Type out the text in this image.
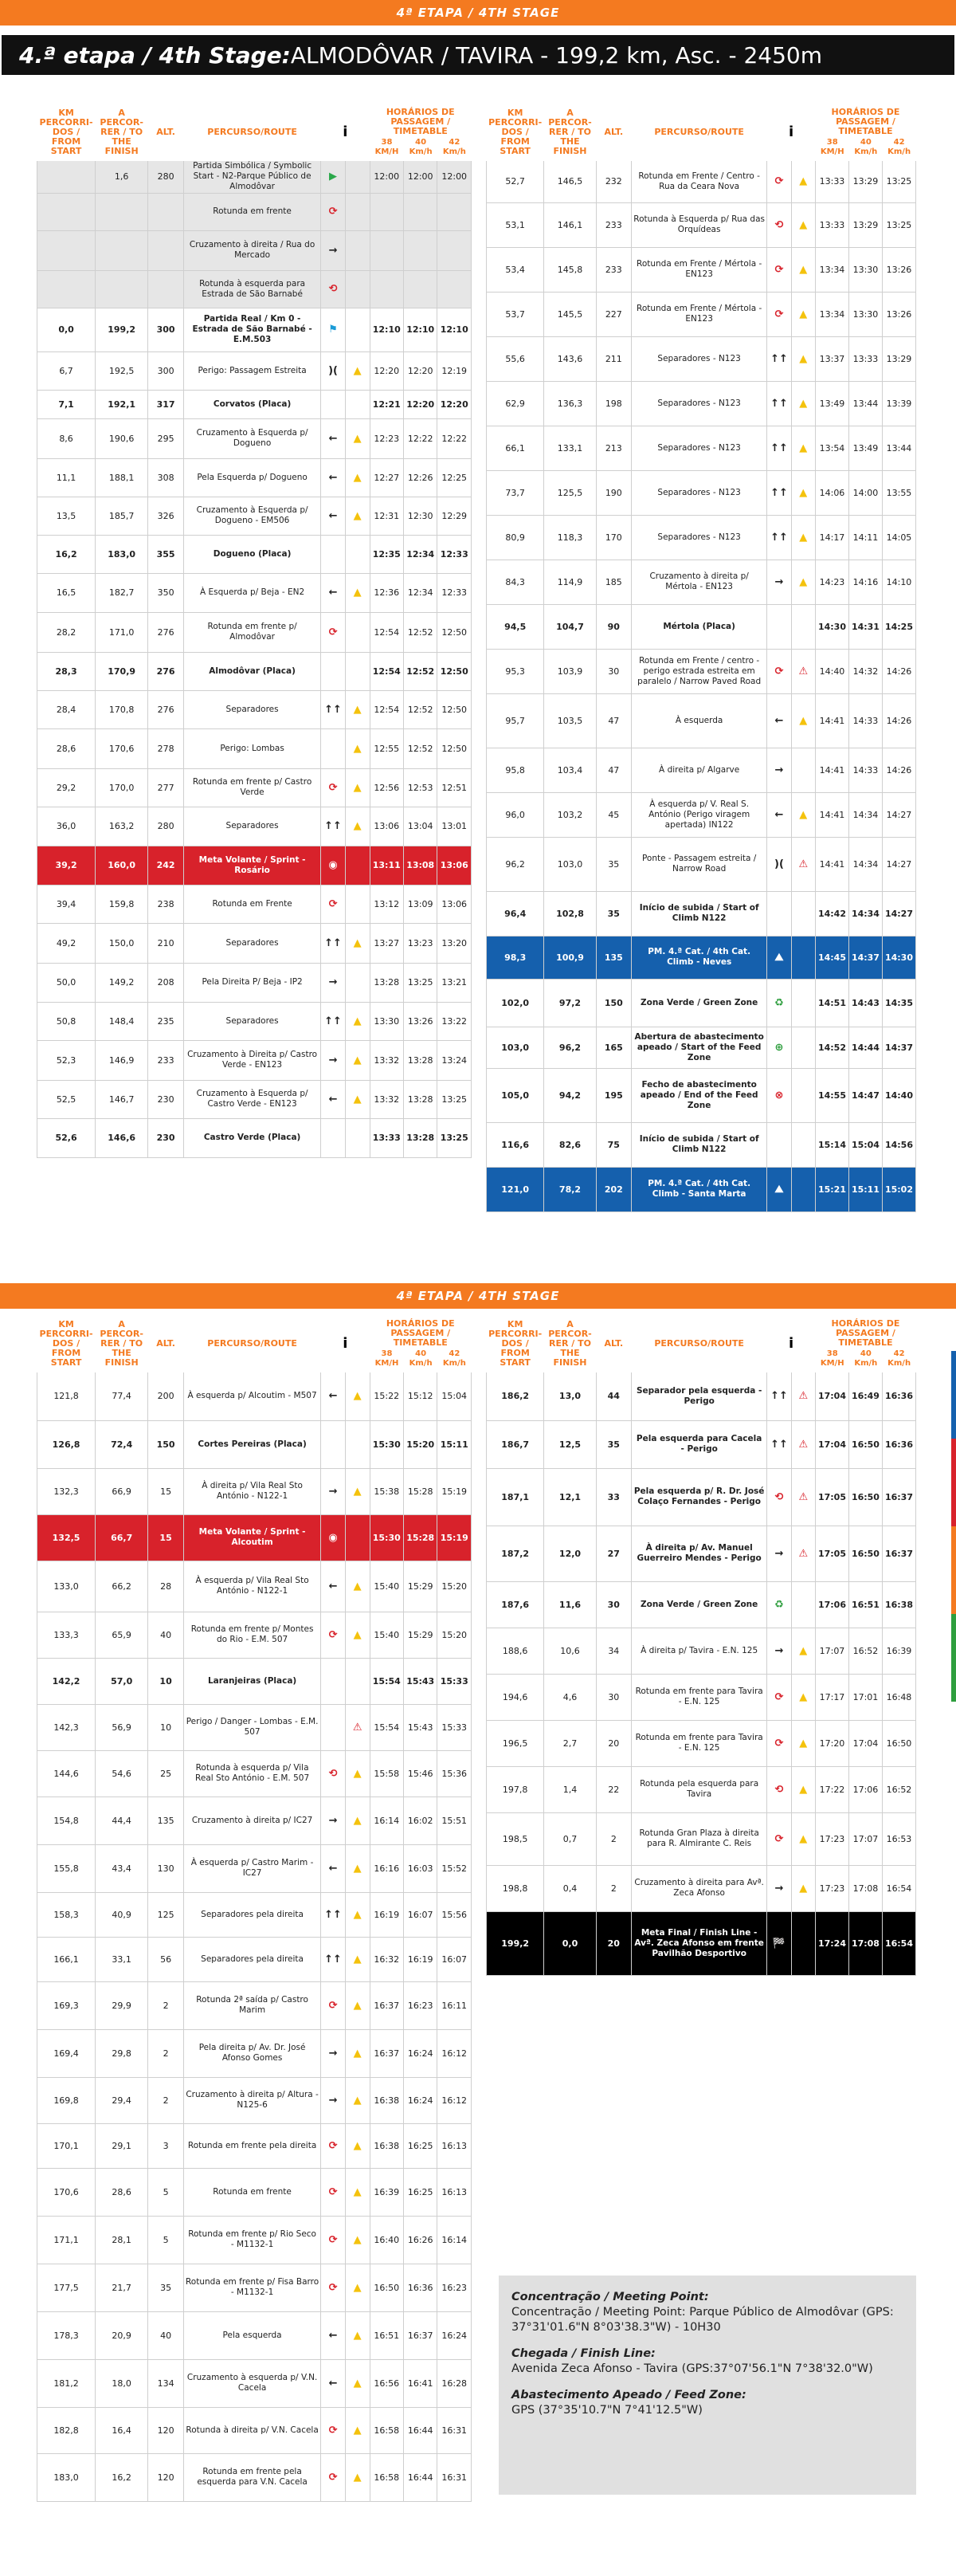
4ª ETAPA / 4TH STAGE
4.ª etapa / 4th Stage: ALMODÔVAR / TAVIRA - 199,2 km, Asc. - 2450m
KM PERCORRI-DOS / FROM START	A PERCOR-RER / TO THE FINISH	ALT.	PERCURSO/ROUTE	i		HORÁRIOS DE PASSAGEM / TIMETABLE
38 KM/H
40 Km/h
42 Km/h		

	1,6	280	Partida Simbólica / Symbolic Start - N2-Parque Público de Almodôvar	▶		12:00	12:00	12:00
			Rotunda em frente	⟳				
			Cruzamento à direita / Rua do Mercado	→				
			Rotunda à esquerda para Estrada de São Barnabé	⟲				
0,0	199,2	300	Partida Real / Km 0 - Estrada de São Barnabé - E.M.503	⚑		12:10	12:10	12:10
6,7	192,5	300	Perigo: Passagem Estreita	)(	▲	12:20	12:20	12:19
7,1	192,1	317	Corvatos (Placa)			12:21	12:20	12:20
8,6	190,6	295	Cruzamento à Esquerda p/ Dogueno	←	▲	12:23	12:22	12:22
11,1	188,1	308	Pela Esquerda p/ Dogueno	←	▲	12:27	12:26	12:25
13,5	185,7	326	Cruzamento à Esquerda p/ Dogueno - EM506	←	▲	12:31	12:30	12:29
16,2	183,0	355	Dogueno (Placa)			12:35	12:34	12:33
16,5	182,7	350	À Esquerda p/ Beja - EN2	←	▲	12:36	12:34	12:33
28,2	171,0	276	Rotunda em frente p/ Almodôvar	⟳		12:54	12:52	12:50
28,3	170,9	276	Almodôvar (Placa)			12:54	12:52	12:50
28,4	170,8	276	Separadores	↑↑	▲	12:54	12:52	12:50
28,6	170,6	278	Perigo: Lombas		▲	12:55	12:52	12:50
29,2	170,0	277	Rotunda em frente p/ Castro Verde	⟳	▲	12:56	12:53	12:51
36,0	163,2	280	Separadores	↑↑	▲	13:06	13:04	13:01
39,2	160,0	242	Meta Volante / Sprint - Rosário	◉		13:11	13:08	13:06
39,4	159,8	238	Rotunda em Frente	⟳		13:12	13:09	13:06
49,2	150,0	210	Separadores	↑↑	▲	13:27	13:23	13:20
50,0	149,2	208	Pela Direita P/ Beja - IP2	→		13:28	13:25	13:21
50,8	148,4	235	Separadores	↑↑	▲	13:30	13:26	13:22
52,3	146,9	233	Cruzamento à Direita p/ Castro Verde - EN123	→	▲	13:32	13:28	13:24
52,5	146,7	230	Cruzamento à Esquerda p/ Castro Verde - EN123	←	▲	13:32	13:28	13:25
52,6	146,6	230	Castro Verde (Placa)			13:33	13:28	13:25
KM PERCORRI-DOS / FROM START	A PERCOR-RER / TO THE FINISH	ALT.	PERCURSO/ROUTE	i		HORÁRIOS DE PASSAGEM / TIMETABLE
38 KM/H
40 Km/h
42 Km/h		

52,7	146,5	232	Rotunda em Frente / Centro - Rua da Ceara Nova	⟳	▲	13:33	13:29	13:25
53,1	146,1	233	Rotunda à Esquerda p/ Rua das Orquídeas	⟲	▲	13:33	13:29	13:25
53,4	145,8	233	Rotunda em Frente / Mértola - EN123	⟳	▲	13:34	13:30	13:26
53,7	145,5	227	Rotunda em Frente / Mértola - EN123	⟳	▲	13:34	13:30	13:26
55,6	143,6	211	Separadores - N123	↑↑	▲	13:37	13:33	13:29
62,9	136,3	198	Separadores - N123	↑↑	▲	13:49	13:44	13:39
66,1	133,1	213	Separadores - N123	↑↑	▲	13:54	13:49	13:44
73,7	125,5	190	Separadores - N123	↑↑	▲	14:06	14:00	13:55
80,9	118,3	170	Separadores - N123	↑↑	▲	14:17	14:11	14:05
84,3	114,9	185	Cruzamento à direita p/ Mértola - EN123	→	▲	14:23	14:16	14:10
94,5	104,7	90	Mértola (Placa)			14:30	14:31	14:25
95,3	103,9	30	Rotunda em Frente / centro - perigo estrada estreita em paralelo / Narrow Paved Road	⟳	⚠	14:40	14:32	14:26
95,7	103,5	47	À esquerda	←	▲	14:41	14:33	14:26
95,8	103,4	47	À direita p/ Algarve	→		14:41	14:33	14:26
96,0	103,2	45	À esquerda p/ V. Real S. António (Perigo viragem apertada) IN122	←	▲	14:41	14:34	14:27
96,2	103,0	35	Ponte - Passagem estreita / Narrow Road	)(	⚠	14:41	14:34	14:27
96,4	102,8	35	Início de subida / Start of Climb N122			14:42	14:34	14:27
98,3	100,9	135	PM. 4.ª Cat. / 4th Cat. Climb - Neves	⛰		14:45	14:37	14:30
102,0	97,2	150	Zona Verde / Green Zone	♻		14:51	14:43	14:35
103,0	96,2	165	Abertura de abastecimento apeado / Start of the Feed Zone	⊕		14:52	14:44	14:37
105,0	94,2	195	Fecho de abastecimento apeado / End of the Feed Zone	⊗		14:55	14:47	14:40
116,6	82,6	75	Início de subida / Start of Climb N122			15:14	15:04	14:56
121,0	78,2	202	PM. 4.ª Cat. / 4th Cat. Climb - Santa Marta	⛰		15:21	15:11	15:02
4ª ETAPA / 4TH STAGE
KM PERCORRI-DOS / FROM START	A PERCOR-RER / TO THE FINISH	ALT.	PERCURSO/ROUTE	i		HORÁRIOS DE PASSAGEM / TIMETABLE
38 KM/H
40 Km/h
42 Km/h		

121,8	77,4	200	À esquerda p/ Alcoutim - M507	←	▲	15:22	15:12	15:04
126,8	72,4	150	Cortes Pereiras (Placa)			15:30	15:20	15:11
132,3	66,9	15	À direita p/ Vila Real Sto António - N122-1	→	▲	15:38	15:28	15:19
132,5	66,7	15	Meta Volante / Sprint - Alcoutim	◉		15:30	15:28	15:19
133,0	66,2	28	À esquerda p/ Vila Real Sto António - N122-1	←	▲	15:40	15:29	15:20
133,3	65,9	40	Rotunda em frente p/ Montes do Rio - E.M. 507	⟳	▲	15:40	15:29	15:20
142,2	57,0	10	Laranjeiras (Placa)			15:54	15:43	15:33
142,3	56,9	10	Perigo / Danger - Lombas - E.M. 507		⚠	15:54	15:43	15:33
144,6	54,6	25	Rotunda à esquerda p/ Vila Real Sto António - E.M. 507	⟲	▲	15:58	15:46	15:36
154,8	44,4	135	Cruzamento à direita p/ IC27	→	▲	16:14	16:02	15:51
155,8	43,4	130	À esquerda p/ Castro Marim - IC27	←	▲	16:16	16:03	15:52
158,3	40,9	125	Separadores pela direita	↑↑	▲	16:19	16:07	15:56
166,1	33,1	56	Separadores pela direita	↑↑	▲	16:32	16:19	16:07
169,3	29,9	2	Rotunda 2ª saída p/ Castro Marim	⟳	▲	16:37	16:23	16:11
169,4	29,8	2	Pela direita p/ Av. Dr. José Afonso Gomes	→	▲	16:37	16:24	16:12
169,8	29,4	2	Cruzamento à direita p/ Altura - N125-6	→	▲	16:38	16:24	16:12
170,1	29,1	3	Rotunda em frente pela direita	⟳	▲	16:38	16:25	16:13
170,6	28,6	5	Rotunda em frente	⟳	▲	16:39	16:25	16:13
171,1	28,1	5	Rotunda em frente p/ Rio Seco - M1132-1	⟳	▲	16:40	16:26	16:14
177,5	21,7	35	Rotunda em frente p/ Fisa Barro - M1132-1	⟳	▲	16:50	16:36	16:23
178,3	20,9	40	Pela esquerda	←	▲	16:51	16:37	16:24
181,2	18,0	134	Cruzamento à esquerda p/ V.N. Cacela	←	▲	16:56	16:41	16:28
182,8	16,4	120	Rotunda à direita p/ V.N. Cacela	⟳	▲	16:58	16:44	16:31
183,0	16,2	120	Rotunda em frente pela esquerda para V.N. Cacela	⟳	▲	16:58	16:44	16:31
KM PERCORRI-DOS / FROM START	A PERCOR-RER / TO THE FINISH	ALT.	PERCURSO/ROUTE	i		HORÁRIOS DE PASSAGEM / TIMETABLE
38 KM/H
40 Km/h
42 Km/h		

186,2	13,0	44	Separador pela esquerda - Perigo	↑↑	⚠	17:04	16:49	16:36
186,7	12,5	35	Pela esquerda para Cacela - Perigo	↑↑	⚠	17:04	16:50	16:36
187,1	12,1	33	Pela esquerda p/ R. Dr. José Colaço Fernandes - Perigo	⟲	⚠	17:05	16:50	16:37
187,2	12,0	27	À direita p/ Av. Manuel Guerreiro Mendes - Perigo	→	⚠	17:05	16:50	16:37
187,6	11,6	30	Zona Verde / Green Zone	♻		17:06	16:51	16:38
188,6	10,6	34	À direita p/ Tavira - E.N. 125	→	▲	17:07	16:52	16:39
194,6	4,6	30	Rotunda em frente para Tavira - E.N. 125	⟳	▲	17:17	17:01	16:48
196,5	2,7	20	Rotunda em frente para Tavira - E.N. 125	⟳	▲	17:20	17:04	16:50
197,8	1,4	22	Rotunda pela esquerda para Tavira	⟲	▲	17:22	17:06	16:52
198,5	0,7	2	Rotunda Gran Plaza à direita para R. Almirante C. Reis	⟳	▲	17:23	17:07	16:53
198,8	0,4	2	Cruzamento à direita para Avª. Zeca Afonso	→	▲	17:23	17:08	16:54
199,2	0,0	20	Meta Final / Finish Line - Avª. Zeca Afonso em frente Pavilhão Desportivo	🏁		17:24	17:08	16:54
Concentração / Meeting Point:
Concentração / Meeting Point: Parque Público de Almodôvar (GPS: 37°31'01.6"N 8°03'38.3"W) - 10H30
Chegada / Finish Line:
Avenida Zeca Afonso - Tavira (GPS:37°07'56.1"N 7°38'32.0"W)
Abastecimento Apeado / Feed Zone:
GPS (37°35'10.7"N 7°41'12.5"W)
